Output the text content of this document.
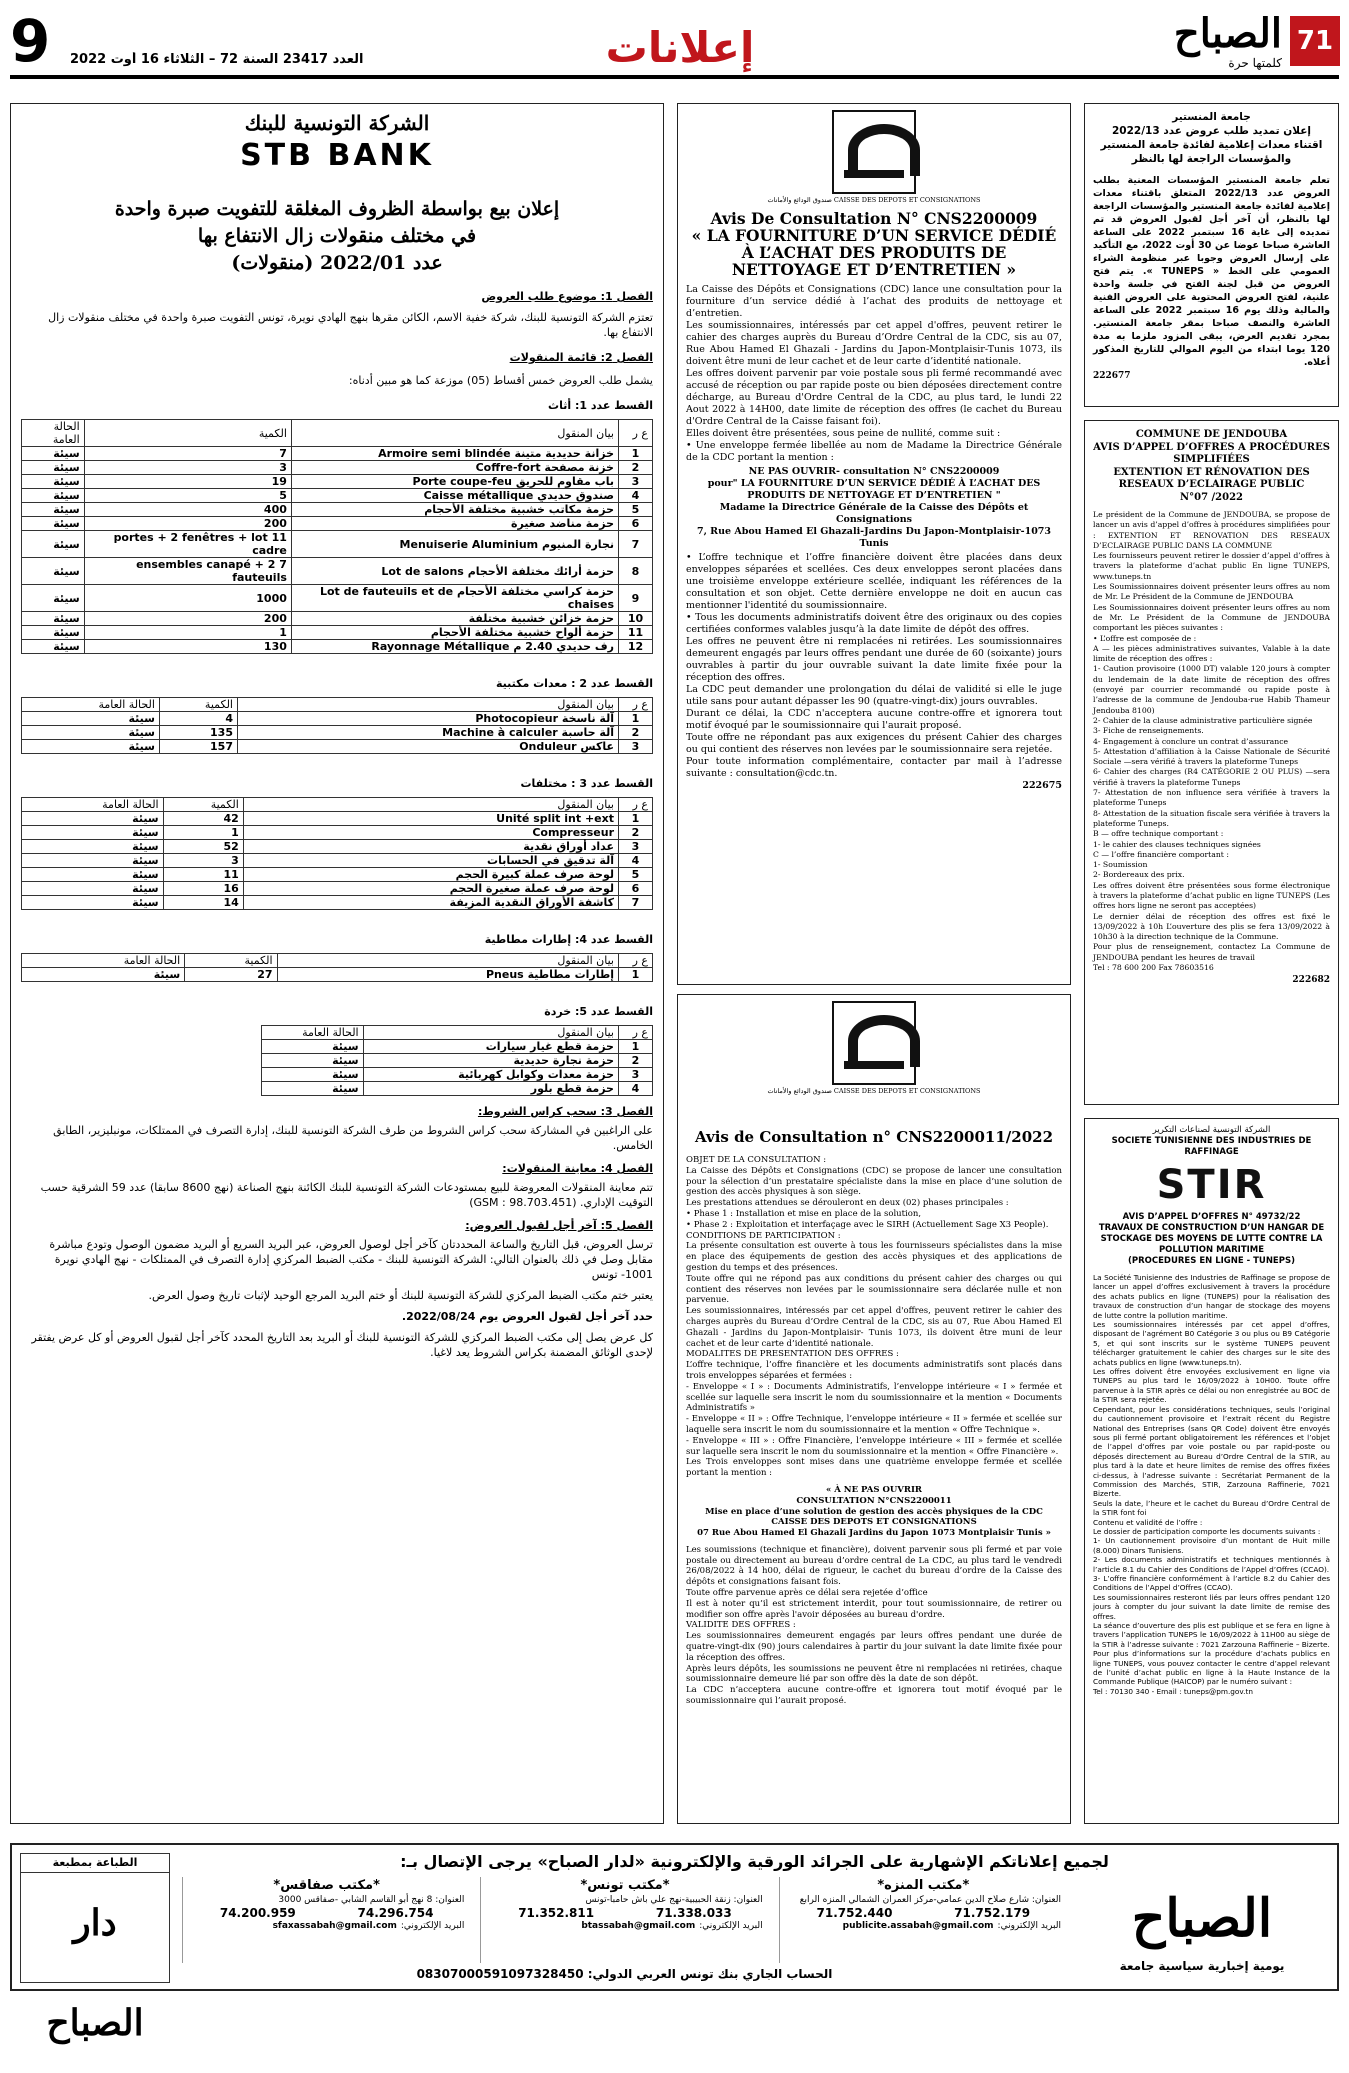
9	العدد 23417 السنة 72 – الثلاثاء 16 أوت 2022	إعلانات	الصباح
كلمتها حرة
71
الشركة التونسية للبنك
STB BANK
إعلان بيع بواسطة الظروف المغلقة للتفويت صبرة واحدة
في مختلف منقولات زال الانتفاع بها
عدد 2022/01 (منقولات)
الفصل 1: موضوع طلب العروض
تعتزم الشركة التونسية للبنك، شركة خفية الاسم، الكائن مقرها بنهج الهادي نويرة، تونس التفويت صبرة واحدة في مختلف منقولات زال الانتفاع بها.
الفصل 2: قائمة المنقولات
يشمل طلب العروض خمس أقساط (05) موزعة كما هو مبين أدناه:
القسط عدد 1: أثاث
ع ر	بيان المنقول	الكمية	الحالة العامة
1	خزانة حديدية متينة Armoire semi blindée	7	سيئة
2	خزنة مصفحة Coffre-fort	3	سيئة
3	باب مقاوم للحريق Porte coupe-feu	19	سيئة
4	صندوق حديدي Caisse métallique	5	سيئة
5	حزمة مكاتب خشبية مختلفة الأحجام	400	سيئة
6	حزمة مناضد صغيرة	200	سيئة
7	نجارة المنيوم Menuiserie Aluminium	11 portes + 2 fenêtres + lot cadre	سيئة
8	حزمة أرائك مختلفة الأحجام Lot de salons	7 ensembles canapé + 2 fauteuils	سيئة
9	حزمة كراسي مختلفة الأحجام Lot de fauteuils et de chaises	1000	سيئة
10	حزمة خزائن خشبية مختلفة	200	سيئة
11	حزمة ألواح خشبية مختلفة الأحجام	1	سيئة
12	رف حديدي 2.40 م Rayonnage Métallique	130	سيئة
القسط عدد 2 : معدات مكتبية
ع ر	بيان المنقول	الكمية	الحالة العامة
1	آلة ناسخة Photocopieur	4	سيئة
2	آلة حاسبة Machine à calculer	135	سيئة
3	عاكس Onduleur	157	سيئة
القسط عدد 3 : مختلفات
ع ر	بيان المنقول	الكمية	الحالة العامة
1	Unité split int +ext	42	سيئة
2	Compresseur	1	سيئة
3	عداد أوراق نقدية	52	سيئة
4	آلة تدقيق في الحسابات	3	سيئة
5	لوحة صرف عملة كبيرة الحجم	11	سيئة
6	لوحة صرف عملة صغيرة الحجم	16	سيئة
7	كاشفة الأوراق النقدية المزيفة	14	سيئة
القسط عدد 4: إطارات مطاطية
ع ر	بيان المنقول	الكمية	الحالة العامة
1	إطارات مطاطية Pneus	27	سيئة
القسط عدد 5: خردة
ع ر	بيان المنقول	الحالة العامة
1	حزمة قطع غيار سيارات	سيئة
2	حزمة نجارة حديدية	سيئة
3	حزمة معدات وكوابل كهربائية	سيئة
4	حزمة قطع بلور	سيئة
الفصل 3: سحب كراس الشروط:
على الراغبين في المشاركة سحب كراس الشروط من طرف الشركة التونسية للبنك، إدارة التصرف في الممتلكات، مونبليزير، الطابق الخامس.
الفصل 4: معاينة المنقولات:
تتم معاينة المنقولات المعروضة للبيع بمستودعات الشركة التونسية للبنك الكائنة بنهج الصناعة (نهج 8600 سابقا) عدد 59 الشرقية حسب التوقيت الإداري. (GSM : 98.703.451)
الفصل 5: آخر أجل لقبول العروض:
ترسل العروض، قبل التاريخ والساعة المحددتان كآخر أجل لوصول العروض، عبر البريد السريع أو البريد مضمون الوصول وتودع مباشرة مقابل وصل في ذلك بالعنوان التالي: الشركة التونسية للبنك - مكتب الضبط المركزي إدارة التصرف في الممتلكات - نهج الهادي نويرة 1001- تونس
يعتبر ختم مكتب الضبط المركزي للشركة التونسية للبنك أو ختم البريد المرجع الوحيد لإثبات تاريخ وصول العرض.
حدد آخر أجل لقبول العروض يوم 2022/08/24.
كل عرض يصل إلى مكتب الضبط المركزي للشركة التونسية للبنك أو البريد بعد التاريخ المحدد كآخر أجل لقبول العروض أو كل عرض يفتقر لإحدى الوثائق المضمنة بكراس الشروط يعد لاغيا.
صندوق الودائع والأمانات CAISSE DES DEPOTS ET CONSIGNATIONS
Avis De Consultation N° CNS2200009
« LA FOURNITURE D’UN SERVICE DÉDIÉ À L’ACHAT DES PRODUITS DE NETTOYAGE ET D’ENTRETIEN »

La Caisse des Dépôts et Consignations (CDC) lance une consultation pour la fourniture d’un service dédié à l’achat des produits de nettoyage et d’entretien.

Les soumissionnaires, intéressés par cet appel d'offres, peuvent retirer le cahier des charges auprès du Bureau d’Ordre Central de la CDC, sis au 07, Rue Abou Hamed El Ghazali - Jardins du Japon-Montplaisir-Tunis 1073, ils doivent être muni de leur cachet et de leur carte d’identité nationale.

Les offres doivent parvenir par voie postale sous pli fermé recommandé avec accusé de réception ou par rapide poste ou bien déposées directement contre décharge, au Bureau d'Ordre Central de la CDC, au plus tard, le lundi 22 Aout 2022 à 14H00, date limite de réception des offres (le cachet du Bureau d'Ordre Central de la Caisse faisant foi).

Elles doivent être présentées, sous peine de nullité, comme suit :

• Une enveloppe fermée libellée au nom de Madame la Directrice Générale de la CDC portant la mention :

NE PAS OUVRIR- consultation N° CNS2200009

pour" LA FOURNITURE D’UN SERVICE DÉDIÉ À L’ACHAT DES PRODUITS DE NETTOYAGE ET D’ENTRETIEN "

Madame la Directrice Générale de la Caisse des Dépôts et Consignations

7, Rue Abou Hamed El Ghazali-Jardins Du Japon-Montplaisir-1073 Tunis

• L’offre technique et l’offre financière doivent être placées dans deux enveloppes séparées et scellées. Ces deux enveloppes seront placées dans une troisième enveloppe extérieure scellée, indiquant les références de la consultation et son objet. Cette dernière enveloppe ne doit en aucun cas mentionner l'identité du soumissionnaire.

• Tous les documents administratifs doivent être des originaux ou des copies certifiées conformes valables jusqu’à la date limite de dépôt des offres.

Les offres ne peuvent être ni remplacées ni retirées. Les soumissionnaires demeurent engagés par leurs offres pendant une durée de 60 (soixante) jours ouvrables à partir du jour ouvrable suivant la date limite fixée pour la réception des offres.

La CDC peut demander une prolongation du délai de validité si elle le juge utile sans pour autant dépasser les 90 (quatre-vingt-dix) jours ouvrables.

Durant ce délai, la CDC n'acceptera aucune contre-offre et ignorera tout motif évoqué par le soumissionnaire qui l'aurait proposé.

Toute offre ne répondant pas aux exigences du présent Cahier des charges ou qui contient des réserves non levées par le soumissionnaire sera rejetée.

Pour toute information complémentaire, contacter par mail à l’adresse suivante : consultation@cdc.tn.

222675

صندوق الودائع والأمانات CAISSE DES DEPOTS ET CONSIGNATIONS
Avis de Consultation n° CNS2200011/2022

OBJET DE LA CONSULTATION :

La Caisse des Dépôts et Consignations (CDC) se propose de lancer une consultation pour la sélection d’un prestataire spécialiste dans la mise en place d’une solution de gestion des accès physiques à son siège.

Les prestations attendues se dérouleront en deux (02) phases principales :

• Phase 1 : Installation et mise en place de la solution,

• Phase 2 : Exploitation et interfaçage avec le SIRH (Actuellement Sage X3 People).

CONDITIONS DE PARTICIPATION :

La présente consultation est ouverte à tous les fournisseurs spécialistes dans la mise en place des équipements de gestion des accès physiques et des applications de gestion du temps et des présences.

Toute offre qui ne répond pas aux conditions du présent cahier des charges ou qui contient des réserves non levées par le soumissionnaire sera déclarée nulle et non parvenue.

Les soumissionnaires, intéressés par cet appel d'offres, peuvent retirer le cahier des charges auprès du Bureau d’Ordre Central de la CDC, sis au 07, Rue Abou Hamed El Ghazali - Jardins du Japon-Montplaisir- Tunis 1073, ils doivent être muni de leur cachet et de leur carte d’identité nationale.

MODALITES DE PRESENTATION DES OFFRES :

L’offre technique, l’offre financière et les documents administratifs sont placés dans trois enveloppes séparées et fermées :

- Enveloppe « I » : Documents Administratifs, l’enveloppe intérieure « I » fermée et scellée sur laquelle sera inscrit le nom du soumissionnaire et la mention « Documents Administratifs »

- Enveloppe « II » : Offre Technique, l’enveloppe intérieure « II » fermée et scellée sur laquelle sera inscrit le nom du soumissionnaire et la mention « Offre Technique ».

- Enveloppe « III » : Offre Financière, l’enveloppe intérieure « III » fermée et scellée sur laquelle sera inscrit le nom du soumissionnaire et la mention « Offre Financière ».

Les Trois enveloppes sont mises dans une quatrième enveloppe fermée et scellée portant la mention :

« À NE PAS OUVRIR

CONSULTATION N°CNS2200011

Mise en place d’une solution de gestion des accès physiques de la CDC

CAISSE DES DEPOTS ET CONSIGNATIONS

07 Rue Abou Hamed El Ghazali Jardins du Japon 1073 Montplaisir Tunis »

Les soumissions (technique et financière), doivent parvenir sous pli fermé et par voie postale ou directement au bureau d’ordre central de La CDC, au plus tard le vendredi 26/08/2022 à 14 h00, délai de rigueur, le cachet du bureau d’ordre de la Caisse des dépôts et consignations faisant fois.

Toute offre parvenue après ce délai sera rejetée d’office

Il est à noter qu’il est strictement interdit, pour tout soumissionnaire, de retirer ou modifier son offre après l'avoir déposées au bureau d'ordre.

VALIDITE DES OFFRES :

Les soumissionnaires demeurent engagés par leurs offres pendant une durée de quatre-vingt-dix (90) jours calendaires à partir du jour suivant la date limite fixée pour la réception des offres.

Après leurs dépôts, les soumissions ne peuvent être ni remplacées ni retirées, chaque soumissionnaire demeure lié par son offre dès la date de son dépôt.

La CDC n’acceptera aucune contre-offre et ignorera tout motif évoqué par le soumissionnaire qui l’aurait proposé.

جامعة المنستير
إعلان تمديد طلب عروض عدد 2022/13
اقتناء معدات إعلامية لفائدة جامعة المنستير
والمؤسسات الراجعة لها بالنظر
تعلم جامعة المنستير المؤسسات المعنية بطلب العروض عدد 2022/13 المتعلق باقتناء معدات إعلامية لفائدة جامعة المنستير والمؤسسات الراجعة لها بالنظر، أن آخر أجل لقبول العروض قد تم تمديده إلى غاية 16 سبتمبر 2022 على الساعة العاشرة صباحا عوضا عن 30 أوت 2022، مع التأكيد على إرسال العروض وجوبا عبر منظومة الشراء العمومي على الخط « TUNEPS ». يتم فتح العروض من قبل لجنة الفتح في جلسة واحدة علنية، لفتح العروض المحتوية على العروض الفنية والمالية وذلك يوم 16 سبتمبر 2022 على الساعة العاشرة والنصف صباحا بمقر جامعة المنستير. بمجرد تقديم العرض، يبقى المزود ملزما به مدة 120 يوما ابتداء من اليوم الموالي للتاريخ المذكور أعلاه.
222677
COMMUNE DE JENDOUBA
AVIS D’APPEL D’OFFRES A PROCÉDURES SIMPLIFIÉES
EXTENTION ET RÉNOVATION DES RESEAUX D’ECLAIRAGE PUBLIC
N°07 /2022

Le président de la Commune de JENDOUBA, se propose de lancer un avis d’appel d’offres à procédures simplifiées pour : EXTENTION ET RENOVATION DES RESEAUX D’ECLAIRAGE PUBLIC DANS LA COMMUNE

Les fournisseurs peuvent retirer le dossier d’appel d’offres à travers la plateforme d’achat public En ligne TUNEPS, www.tuneps.tn

Les Soumissionnaires doivent présenter leurs offres au nom de Mr. Le Président de la Commune de JENDOUBA

Les Soumissionnaires doivent présenter leurs offres au nom de Mr. Le Président de la Commune de JENDOUBA comportant les pièces suivantes :

• L’offre est composée de :

A — les pièces administratives suivantes, Valable à la date limite de réception des offres :

1- Caution provisoire (1000 DT) valable 120 jours à compter du lendemain de la date limite de réception des offres (envoyé par courrier recommandé ou rapide poste à l’adresse de la commune de Jendouba-rue Habib Thameur Jendouba 8100)

2- Cahier de la clause administrative particulière signée

3- Fiche de renseignements.

4- Engagement à conclure un contrat d’assurance

5- Attestation d’affiliation à la Caisse Nationale de Sécurité Sociale —sera vérifié à travers la plateforme Tuneps

6- Cahier des charges (R4 CATÉGORIE 2 OU PLUS) —sera vérifié à travers la plateforme Tuneps

7- Attestation de non influence sera vérifiée à travers la plateforme Tuneps

8- Attestation de la situation fiscale sera vérifiée à travers la plateforme Tuneps.

B — offre technique comportant :

1- le cahier des clauses techniques signées

C — l’offre financière comportant :

1- Soumission

2- Bordereaux des prix.

Les offres doivent être présentées sous forme électronique à travers la plateforme d’achat public en ligne TUNEPS (Les offres hors ligne ne seront pas acceptées)

Le dernier délai de réception des offres est fixé le 13/09/2022 à 10h L’ouverture des plis se fera 13/09/2022 à 10h30 à la direction technique de la Commune.

Pour plus de renseignement, contactez La Commune de JENDOUBA pendant les heures de travail

Tel : 78 600 200 Fax 78603516

222682
الشركة التونسية لصناعات التكرير
SOCIETE TUNISIENNE DES INDUSTRIES DE RAFFINAGE
STIR
AVIS D’APPEL D’OFFRES N° 49732/22
TRAVAUX DE CONSTRUCTION D’UN HANGAR DE STOCKAGE DES MOYENS DE LUTTE CONTRE LA POLLUTION MARITIME
(PROCEDURES EN LIGNE - TUNEPS)

La Société Tunisienne des Industries de Raffinage se propose de lancer un appel d’offres exclusivement à travers la procédure des achats publics en ligne (TUNEPS) pour la réalisation des travaux de construction d’un hangar de stockage des moyens de lutte contre la pollution maritime.

Les soumissionnaires intéressés par cet appel d’offres, disposant de l’agrément B0 Catégorie 3 ou plus ou B9 Catégorie 5, et qui sont inscrits sur le système TUNEPS peuvent télécharger gratuitement le cahier des charges sur le site des achats publics en ligne (www.tuneps.tn).

Les offres doivent être envoyées exclusivement en ligne via TUNEPS au plus tard le 16/09/2022 à 10H00. Toute offre parvenue à la STIR après ce délai ou non enregistrée au BOC de la STIR sera rejetée.

Cependant, pour les considérations techniques, seuls l’original du cautionnement provisoire et l’extrait récent du Registre National des Entreprises (sans QR Code) doivent être envoyés sous pli fermé portant obligatoirement les références et l’objet de l’appel d’offres par voie postale ou par rapid-poste ou déposés directement au Bureau d’Ordre Central de la STIR, au plus tard à la date et heure limites de remise des offres fixées ci-dessus, à l’adresse suivante : Secrétariat Permanent de la Commission des Marchés, STIR, Zarzouna Raffinerie, 7021 Bizerte.

Seuls la date, l’heure et le cachet du Bureau d’Ordre Central de la STIR font foi

Contenu et validité de l’offre :

Le dossier de participation comporte les documents suivants :

1- Un cautionnement provisoire d’un montant de Huit mille (8.000) Dinars Tunisiens.

2- Les documents administratifs et techniques mentionnés à l’article 8.1 du Cahier des Conditions de l’Appel d’Offres (CCAO).

3- L’offre financière conformément à l’article 8.2 du Cahier des Conditions de l’Appel d’Offres (CCAO).

Les soumissionnaires resteront liés par leurs offres pendant 120 jours à compter du jour suivant la date limite de remise des offres.

La séance d’ouverture des plis est publique et se fera en ligne à travers l’application TUNEPS le 16/09/2022 à 11H00 au siège de la STIR à l’adresse suivante : 7021 Zarzouna Raffinerie – Bizerte.

Pour plus d’informations sur la procédure d’achats publics en ligne TUNEPS, vous pouvez contacter le centre d’appel relevant de l’unité d’achat public en ligne à la Haute Instance de la Commande Publique (HAICOP) par le numéro suivant :

Tel : 70130 340 - Email : tuneps@pm.gov.tn

لجميع إعلاناتكم الإشهارية على الجرائد الورقية والإلكترونية «لدار الصباح» يرجى الإتصال بـ:
الصباح
يومية إخبارية سياسية جامعة
الطباعة بمطبعة
دار الصباح
*مكتب صفاقس*
العنوان: 8 نهج أبو القاسم الشابي -صفاقس 3000
74.200.959	74.296.754
البريد الإلكتروني:
sfaxassabah@gmail.com
*مكتب تونس*
العنوان: زنقة الحبيبية-نهج علي باش حامبا-تونس
71.352.811	71.338.033
البريد الإلكتروني:
btassabah@gmail.com
*مكتب المنزه*
العنوان: شارع صلاح الدين عمامي-مركز العمران الشمالي المنزه الرابع
71.752.440	71.752.179
البريد الإلكتروني:
publicite.assabah@gmail.com
الحساب الجاري بنك تونس العربي الدولي: 08307000591097328450
